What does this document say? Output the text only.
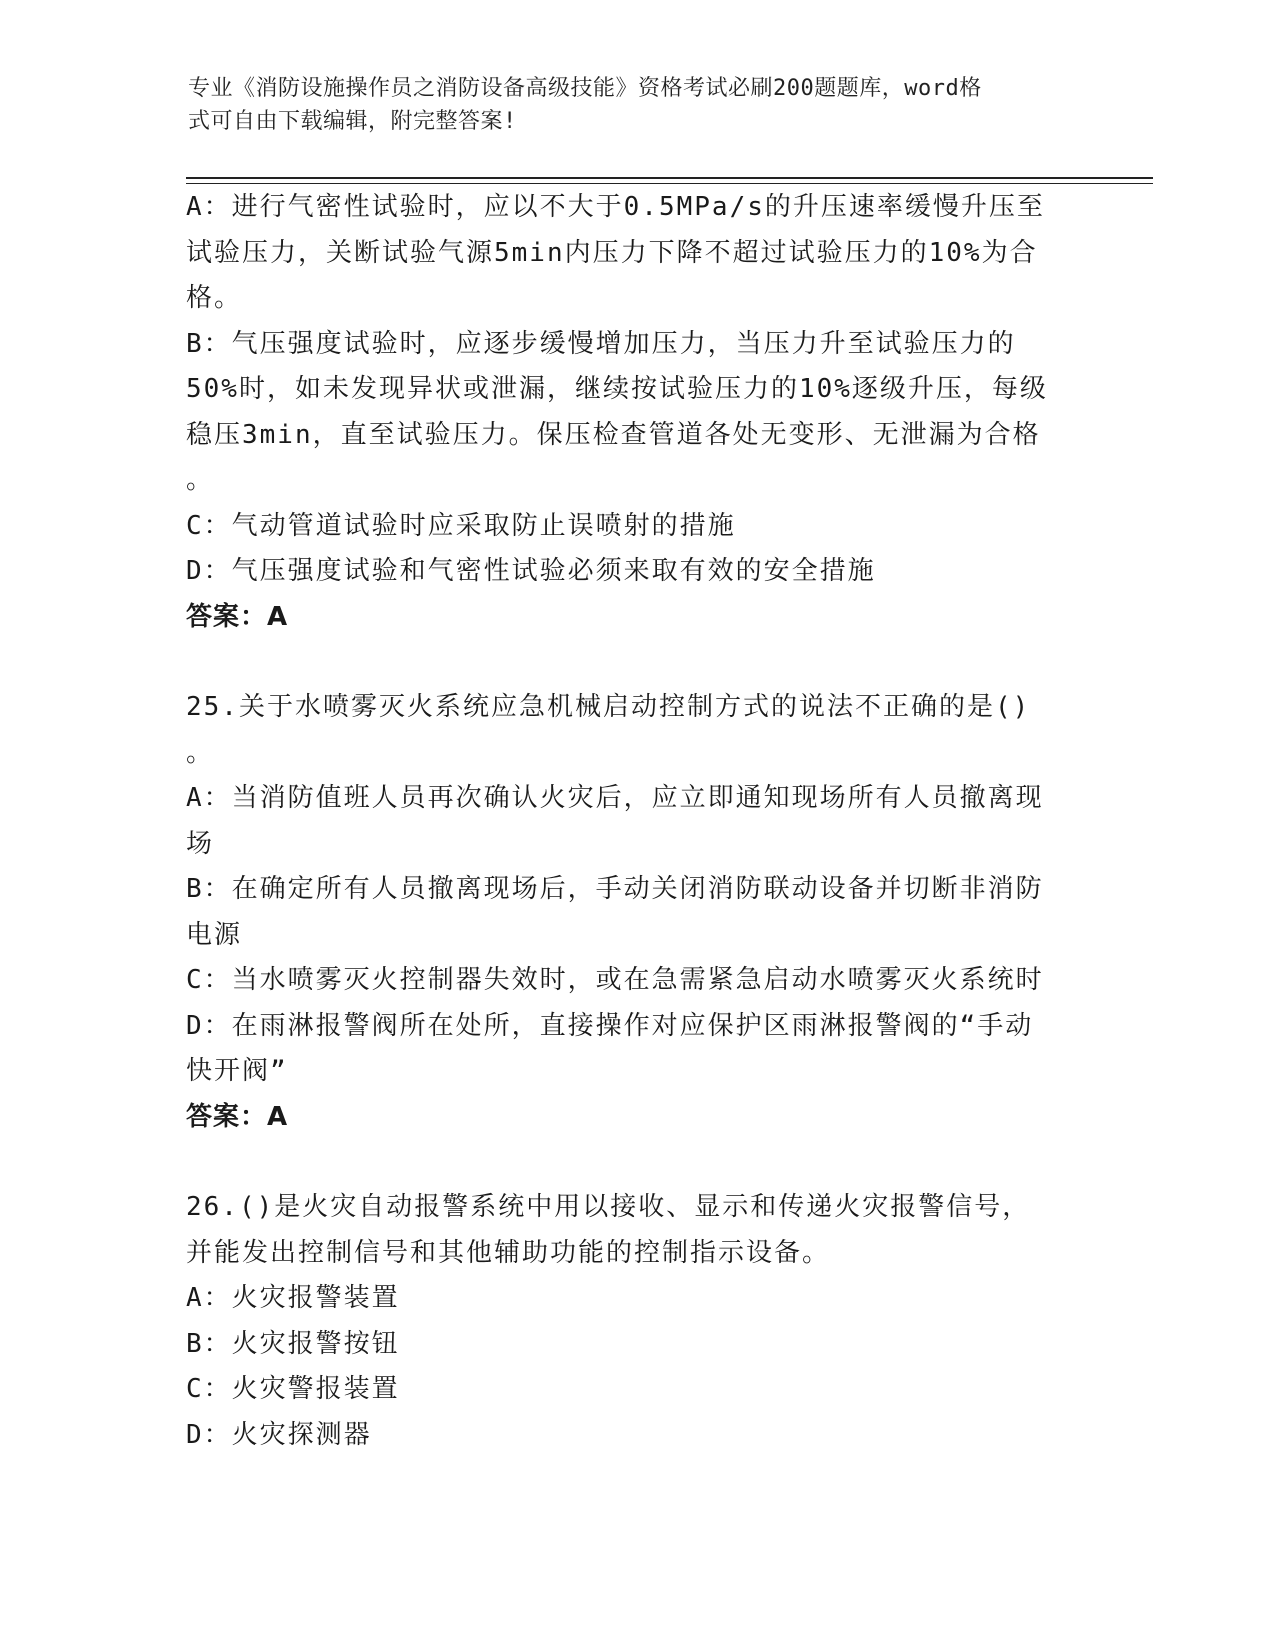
专业《消防设施操作员之消防设备高级技能》资格考试必刷200题题库，word格
式可自由下载编辑，附完整答案!
A：进行气密性试验时，应以不大于0.5MPa/s的升压速率缓慢升压至
试验压力，关断试验气源5min内压力下降不超过试验压力的10%为合
格。
B：气压强度试验时，应逐步缓慢增加压力，当压力升至试验压力的
50%时，如未发现异状或泄漏，继续按试验压力的10%逐级升压，每级
稳压3min，直至试验压力。保压检查管道各处无变形、无泄漏为合格
。
C：气动管道试验时应采取防止误喷射的措施
D：气压强度试验和气密性试验必须来取有效的安全措施
答案：A
25.关于水喷雾灭火系统应急机械启动控制方式的说法不正确的是()
。
A：当消防值班人员再次确认火灾后，应立即通知现场所有人员撤离现
场
B：在确定所有人员撤离现场后，手动关闭消防联动设备并切断非消防
电源
C：当水喷雾灭火控制器失效时，或在急需紧急启动水喷雾灭火系统时
D：在雨淋报警阀所在处所，直接操作对应保护区雨淋报警阀的“手动
快开阀”
答案：A
26.()是火灾自动报警系统中用以接收、显示和传递火灾报警信号，
并能发出控制信号和其他辅助功能的控制指示设备。
A：火灾报警装置
B：火灾报警按钮
C：火灾警报装置
D：火灾探测器
